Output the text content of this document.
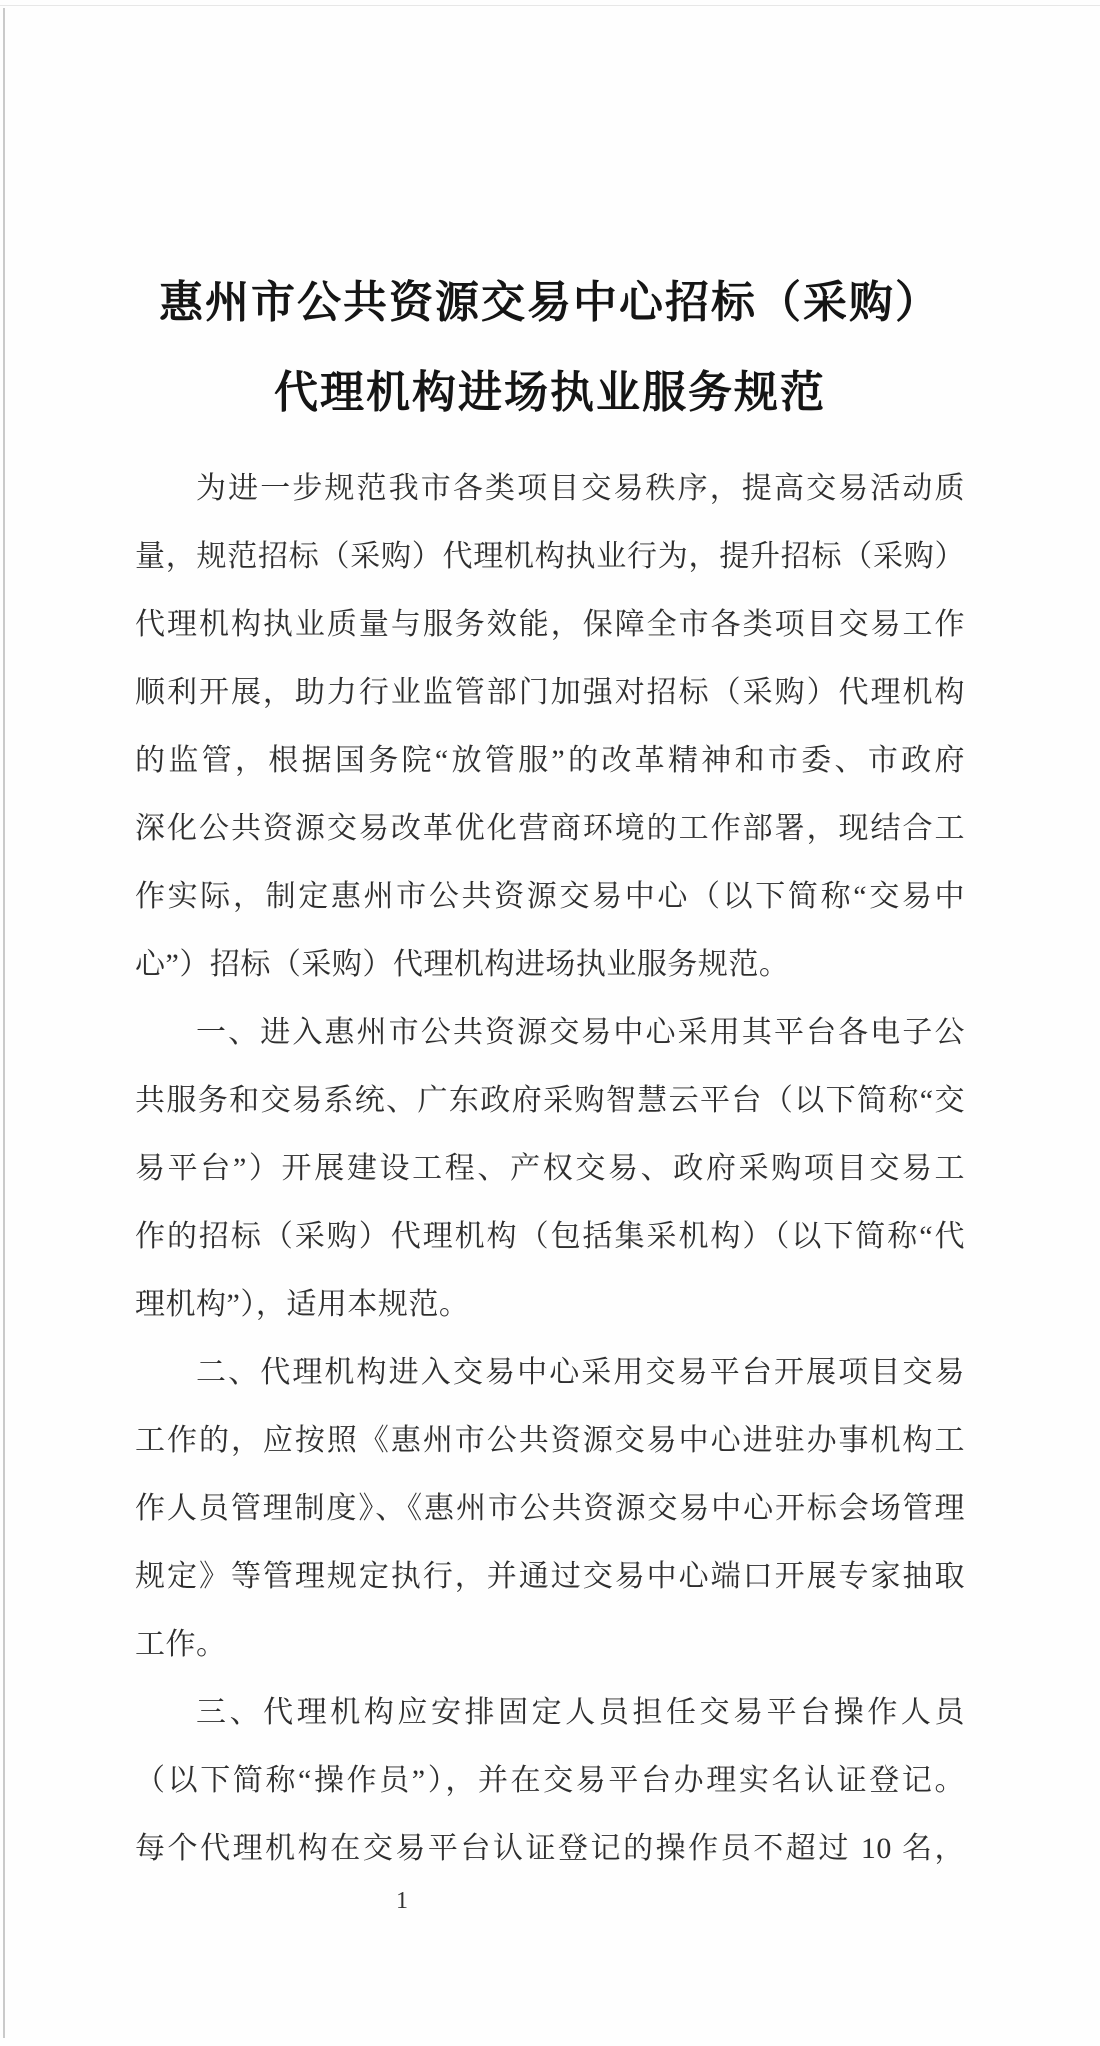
惠州市公共资源交易中心招标（采购）
代理机构进场执业服务规范
为进一步规范我市各类项目交易秩序，提高交易活动质
量，规范招标（采购）代理机构执业行为，提升招标（采购）
代理机构执业质量与服务效能，保障全市各类项目交易工作
顺利开展，助力行业监管部门加强对招标（采购）代理机构
的监管，根据国务院“放管服”的改革精神和市委、市政府
深化公共资源交易改革优化营商环境的工作部署，现结合工
作实际，制定惠州市公共资源交易中心（以下简称“交易中
心”）招标（采购）代理机构进场执业服务规范。
一、进入惠州市公共资源交易中心采用其平台各电子公
共服务和交易系统、广东政府采购智慧云平台（以下简称“交
易平台”）开展建设工程、产权交易、政府采购项目交易工
作的招标（采购）代理机构（包括集采机构）（以下简称“代
理机构”），适用本规范。
二、代理机构进入交易中心采用交易平台开展项目交易
工作的，应按照《惠州市公共资源交易中心进驻办事机构工
作人员管理制度》、《惠州市公共资源交易中心开标会场管理
规定》等管理规定执行，并通过交易中心端口开展专家抽取
工作。
三、代理机构应安排固定人员担任交易平台操作人员
（以下简称“操作员”），并在交易平台办理实名认证登记。
每个代理机构在交易平台认证登记的操作员不超过 10 名，
1
